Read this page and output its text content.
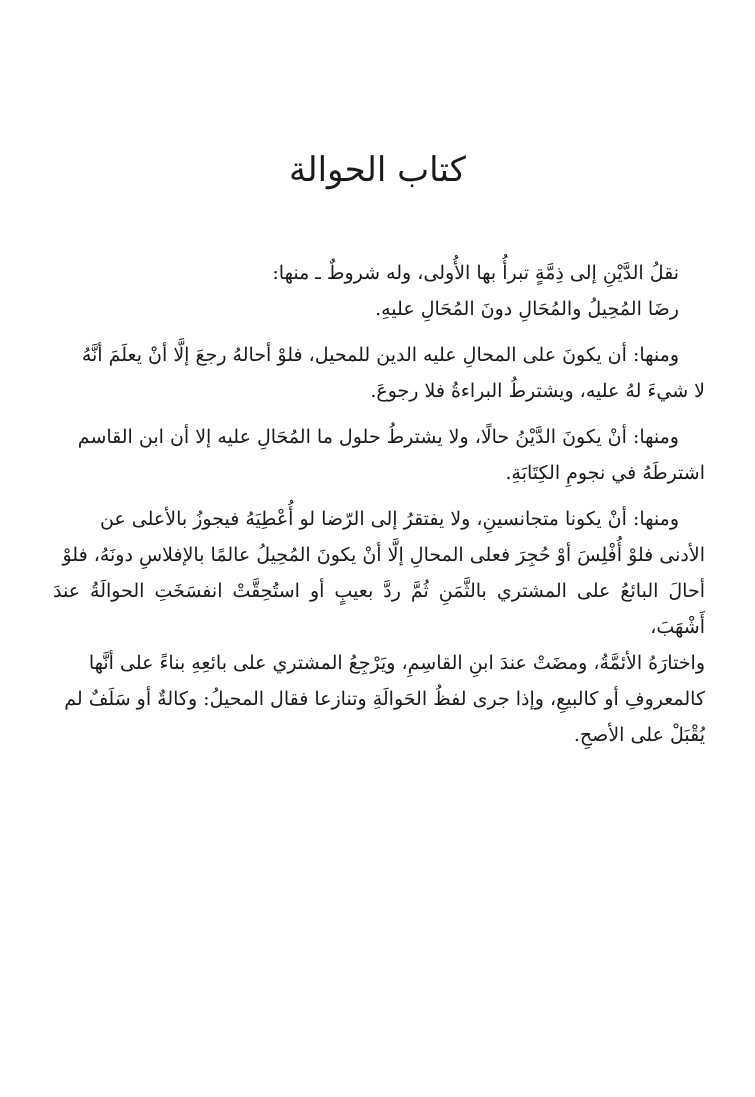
كتاب الحوالة

نقلُ الدَّيْنِ إلى ذِمَّةٍ تبرأُ بها الأُولى، وله شروطٌ ـ منها:
رضَا المُحِيلُ والمُحَالِ دونَ المُحَالِ عليهِ.

ومنها: أن يكونَ على المحالِ عليه الدين للمحيل، فلوْ أحالهُ رجعَ إلَّا أنْ يعلَمَ أنَّهُ
لا شيءَ لهُ عليه، ويشترطُ البراءةُ فلا رجوعَ.

ومنها: أنْ يكونَ الدَّيْنُ حالًا، ولا يشترطُ حلول ما المُحَالِ عليه إلا أن ابن القاسم
اشترطَهُ في نجومِ الكِتَابَةِ.

ومنها: أنْ يكونا متجانسينِ، ولا يفتقرُ إلى الرّضا لو أُعْطِيَهُ فيجوزُ بالأعلى عن
الأدنى فلوْ أُفْلِسَ أوْ حُجِرَ فعلى المحالِ إلَّا أنْ يكونَ المُحِيلُ عالمًا بالإفلاسِ دونَهُ، فلوْ
أحالَ البائعُ على المشتري بالثَّمَنِ ثُمَّ ردَّ بعيبٍ أو استُحِقَّتْ انفسَخَتِ الحوالَةُ عندَ أَشْهَبَ،
واختارَهُ الأئمَّةُ، ومضَتْ عندَ ابنِ القاسِمِ، ويَرْجِعُ المشتري على بائعِهِ بناءً على أنَّها
كالمعروفِ أو كالبيعِ، وإذا جرى لفظُ الحَوالَةِ وتنازعا فقال المحيلُ: وكالةٌ أو سَلَفٌ لم
يُقْبَلْ على الأصحِ.
